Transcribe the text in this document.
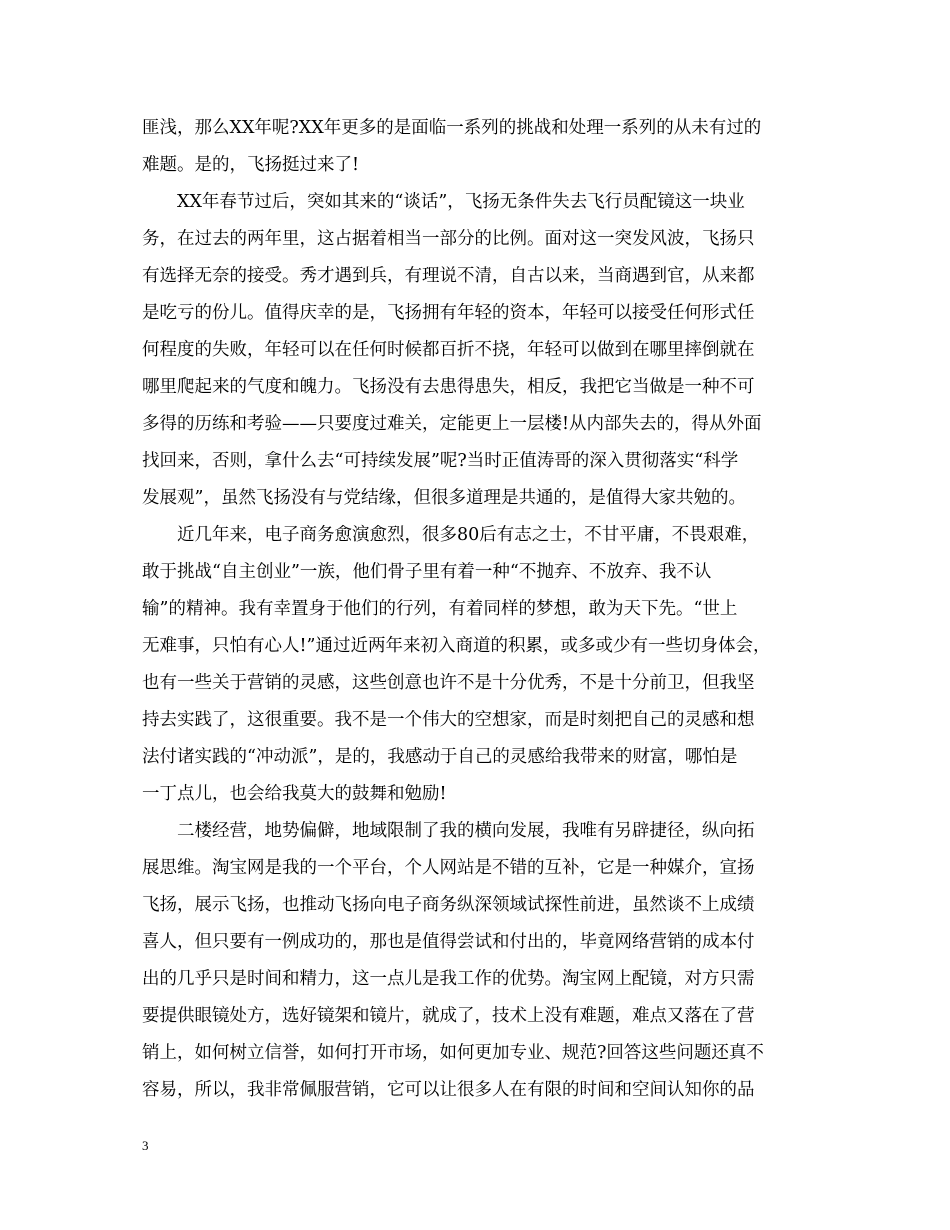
匪浅，那么XX年呢?XX年更多的是面临一系列的挑战和处理一系列的从未有过的
难题。是的，飞扬挺过来了!
　　XX年春节过后，突如其来的“谈话”，飞扬无条件失去飞行员配镜这一块业
务，在过去的两年里，这占据着相当一部分的比例。面对这一突发风波，飞扬只
有选择无奈的接受。秀才遇到兵，有理说不清，自古以来，当商遇到官，从来都
是吃亏的份儿。值得庆幸的是，飞扬拥有年轻的资本，年轻可以接受任何形式任
何程度的失败，年轻可以在任何时候都百折不挠，年轻可以做到在哪里摔倒就在
哪里爬起来的气度和魄力。飞扬没有去患得患失，相反，我把它当做是一种不可
多得的历练和考验——只要度过难关，定能更上一层楼!从内部失去的，得从外面
找回来，否则，拿什么去“可持续发展”呢?当时正值涛哥的深入贯彻落实“科学
发展观”，虽然飞扬没有与党结缘，但很多道理是共通的，是值得大家共勉的。
　　近几年来，电子商务愈演愈烈，很多80后有志之士，不甘平庸，不畏艰难，
敢于挑战“自主创业”一族，他们骨子里有着一种“不抛弃、不放弃、我不认
输”的精神。我有幸置身于他们的行列，有着同样的梦想，敢为天下先。“世上
无难事，只怕有心人!”通过近两年来初入商道的积累，或多或少有一些切身体会，
也有一些关于营销的灵感，这些创意也许不是十分优秀，不是十分前卫，但我坚
持去实践了，这很重要。我不是一个伟大的空想家，而是时刻把自己的灵感和想
法付诸实践的“冲动派”，是的，我感动于自己的灵感给我带来的财富，哪怕是
一丁点儿，也会给我莫大的鼓舞和勉励!
　　二楼经营，地势偏僻，地域限制了我的横向发展，我唯有另辟捷径，纵向拓
展思维。淘宝网是我的一个平台，个人网站是不错的互补，它是一种媒介，宣扬
飞扬，展示飞扬，也推动飞扬向电子商务纵深领域试探性前进，虽然谈不上成绩
喜人，但只要有一例成功的，那也是值得尝试和付出的，毕竟网络营销的成本付
出的几乎只是时间和精力，这一点儿是我工作的优势。淘宝网上配镜，对方只需
要提供眼镜处方，选好镜架和镜片，就成了，技术上没有难题，难点又落在了营
销上，如何树立信誉，如何打开市场，如何更加专业、规范?回答这些问题还真不
容易，所以，我非常佩服营销，它可以让很多人在有限的时间和空间认知你的品
3
